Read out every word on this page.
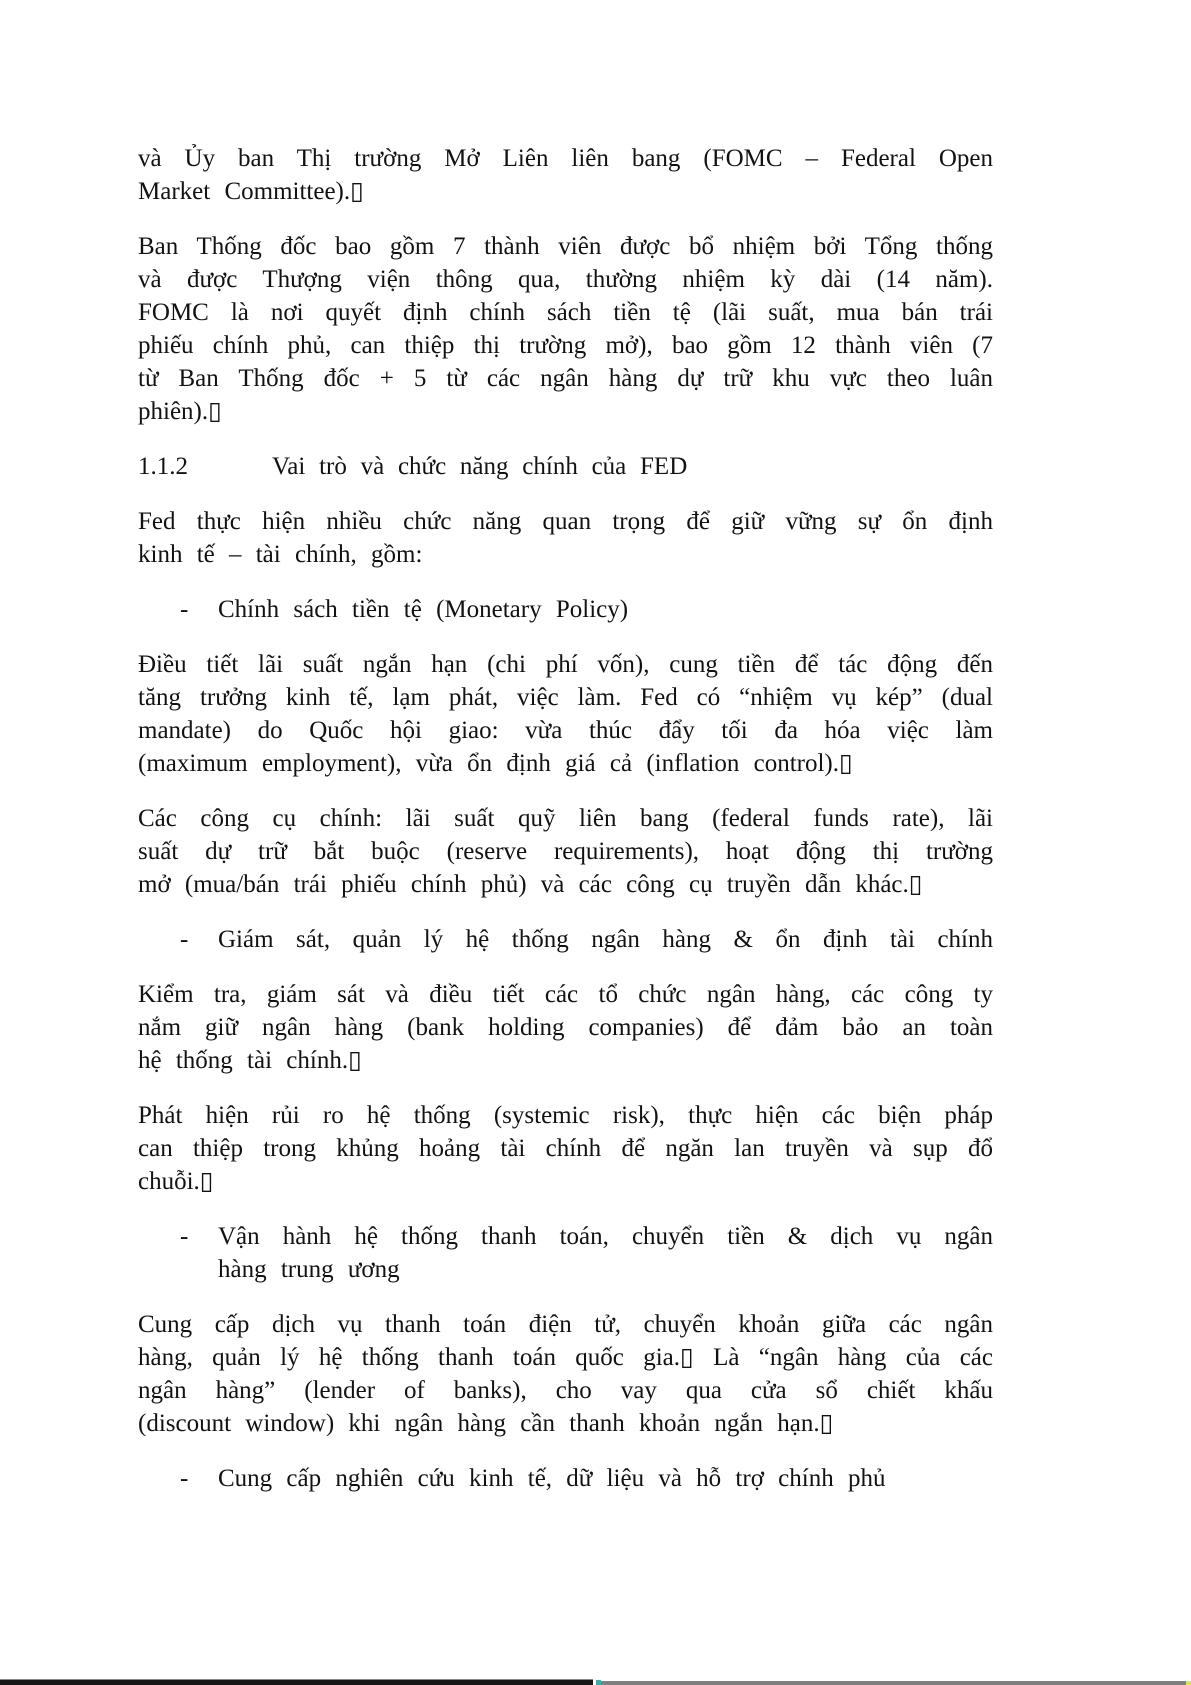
và Ủy ban Thị trường Mở Liên liên bang (FOMC – Federal Open
Market Committee).▯
Ban Thống đốc bao gồm 7 thành viên được bổ nhiệm bởi Tổng thống
và được Thượng viện thông qua, thường nhiệm kỳ dài (14 năm).
FOMC là nơi quyết định chính sách tiền tệ (lãi suất, mua bán trái
phiếu chính phủ, can thiệp thị trường mở), bao gồm 12 thành viên (7
từ Ban Thống đốc + 5 từ các ngân hàng dự trữ khu vực theo luân
phiên).▯
1.1.2	Vai trò và chức năng chính của FED
Fed thực hiện nhiều chức năng quan trọng để giữ vững sự ổn định
kinh tế – tài chính, gồm:
- Chính sách tiền tệ (Monetary Policy)
Điều tiết lãi suất ngắn hạn (chi phí vốn), cung tiền để tác động đến
tăng trưởng kinh tế, lạm phát, việc làm. Fed có “nhiệm vụ kép” (dual
mandate) do Quốc hội giao: vừa thúc đẩy tối đa hóa việc làm
(maximum employment), vừa ổn định giá cả (inflation control).▯
Các công cụ chính: lãi suất quỹ liên bang (federal funds rate), lãi
suất dự trữ bắt buộc (reserve requirements), hoạt động thị trường
mở (mua/bán trái phiếu chính phủ) và các công cụ truyền dẫn khác.▯
- Giám sát, quản lý hệ thống ngân hàng & ổn định tài chính
Kiểm tra, giám sát và điều tiết các tổ chức ngân hàng, các công ty
nắm giữ ngân hàng (bank holding companies) để đảm bảo an toàn
hệ thống tài chính.▯
Phát hiện rủi ro hệ thống (systemic risk), thực hiện các biện pháp
can thiệp trong khủng hoảng tài chính để ngăn lan truyền và sụp đổ
chuỗi.▯
- Vận hành hệ thống thanh toán, chuyển tiền & dịch vụ ngân
hàng trung ương
Cung cấp dịch vụ thanh toán điện tử, chuyển khoản giữa các ngân
hàng, quản lý hệ thống thanh toán quốc gia.▯ Là “ngân hàng của các
ngân hàng” (lender of banks), cho vay qua cửa sổ chiết khấu
(discount window) khi ngân hàng cần thanh khoản ngắn hạn.▯
- Cung cấp nghiên cứu kinh tế, dữ liệu và hỗ trợ chính phủ
